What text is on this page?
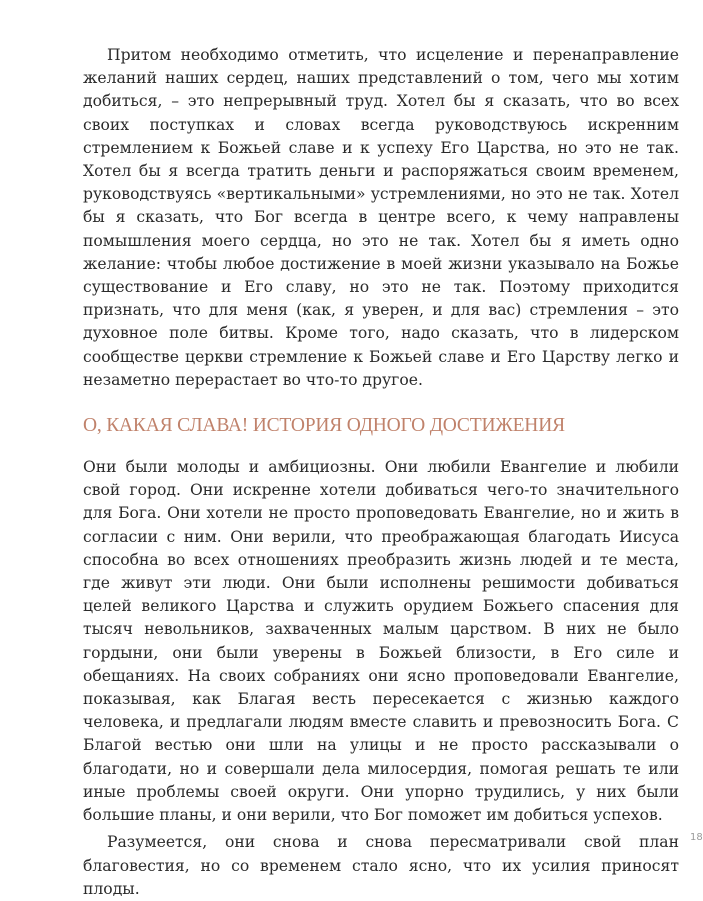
Притом необходимо отметить, что исцеление и перенаправление желаний наших сердец, наших представлений о том, чего мы хотим добиться, – это непрерывный труд. Хотел бы я сказать, что во всех своих поступках и словах всегда руководствуюсь искренним стремлением к Божьей славе и к успеху Его Царства, но это не так. Хотел бы я всегда тратить деньги и распоряжаться своим временем, руководствуясь «вертикальными» устремлениями, но это не так. Хотел бы я сказать, что Бог всегда в центре всего, к чему направлены помышления моего сердца, но это не так. Хотел бы я иметь одно желание: чтобы любое достижение в моей жизни указывало на Божье существование и Его славу, но это не так. Поэтому приходится признать, что для меня (как, я уверен, и для вас) стремления – это духовное поле битвы. Кроме того, надо сказать, что в лидерском сообществе церкви стремление к Божьей славе и Его Царству легко и незаметно перерастает во что-то другое.

О, КАКАЯ СЛАВА! ИСТОРИЯ ОДНОГО ДОСТИЖЕНИЯ

Они были молоды и амбициозны. Они любили Евангелие и любили свой город. Они искренне хотели добиваться чего-то значительного для Бога. Они хотели не просто проповедовать Евангелие, но и жить в согласии с ним. Они верили, что преображающая благодать Иисуса способна во всех отношениях преобразить жизнь людей и те места, где живут эти люди. Они были исполнены решимости добиваться целей великого Царства и служить орудием Божьего спасения для тысяч невольников, захваченных малым царством. В них не было гордыни, они были уверены в Божьей близости, в Его силе и обещаниях. На своих собраниях они ясно проповедовали Евангелие, показывая, как Благая весть пересекается с жизнью каждого человека, и предлагали людям вместе славить и превозносить Бога. С Благой вестью они шли на улицы и не просто рассказывали о благодати, но и совершали дела милосердия, помогая решать те или иные проблемы своей округи. Они упорно трудились, у них были большие планы, и они верили, что Бог поможет им добиться успехов.

Разумеется, они снова и снова пересматривали свой план благовестия, но со временем стало ясно, что их усилия приносят плоды.

18
